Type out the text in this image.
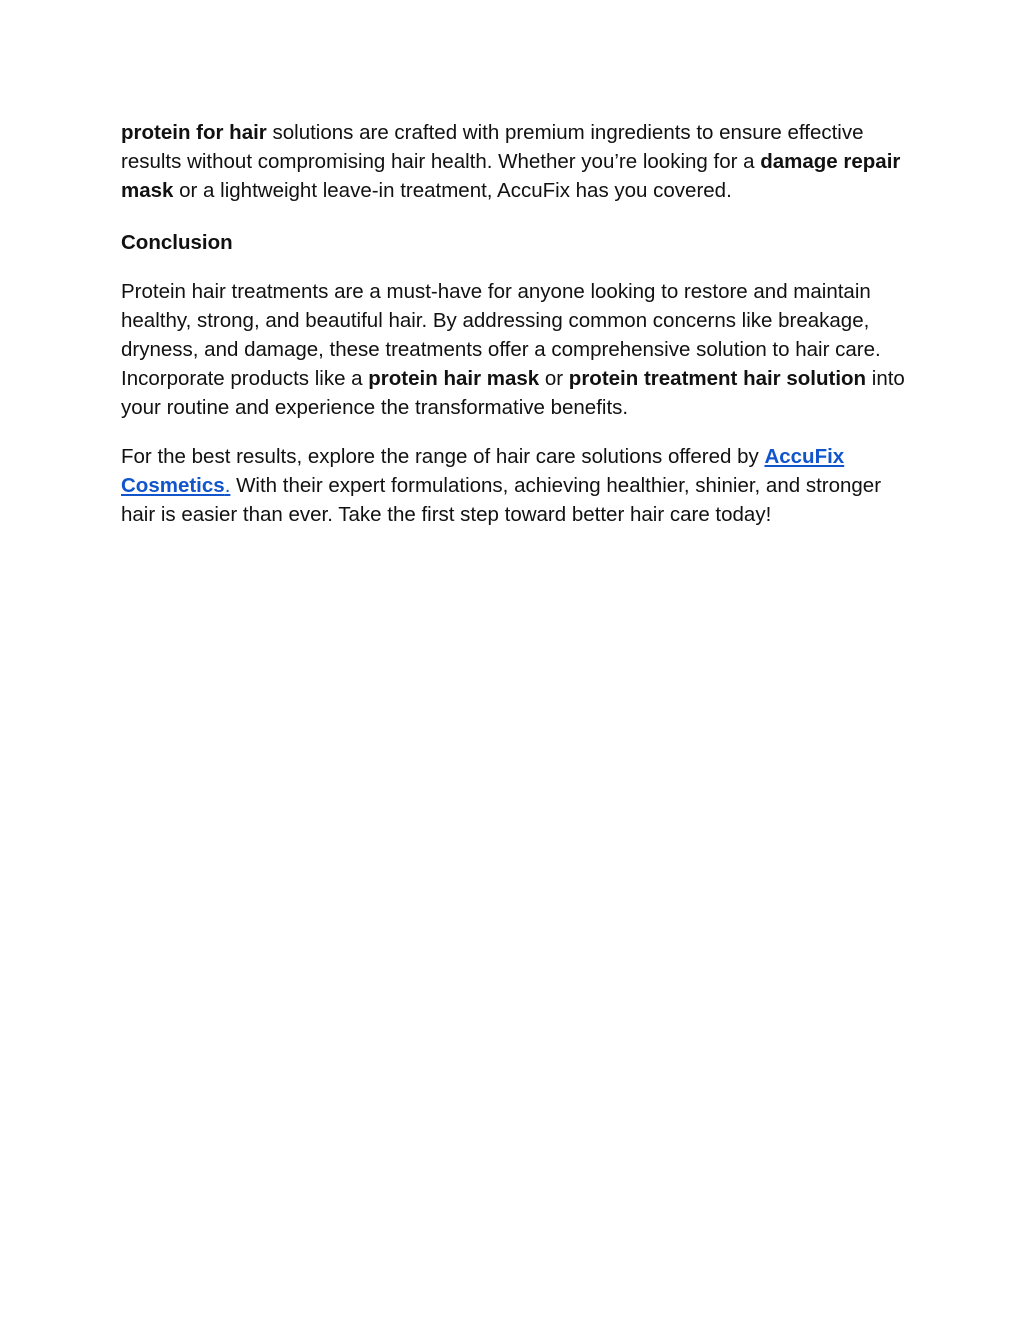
protein for hair solutions are crafted with premium ingredients to ensure effective results without compromising hair health. Whether you’re looking for a damage repair mask or a lightweight leave-in treatment, AccuFix has you covered.

Conclusion

Protein hair treatments are a must-have for anyone looking to restore and maintain healthy, strong, and beautiful hair. By addressing common concerns like breakage, dryness, and damage, these treatments offer a comprehensive solution to hair care. Incorporate products like a protein hair mask or protein treatment hair solution into your routine and experience the transformative benefits.

For the best results, explore the range of hair care solutions offered by AccuFix Cosmetics. With their expert formulations, achieving healthier, shinier, and stronger hair is easier than ever. Take the first step toward better hair care today!
